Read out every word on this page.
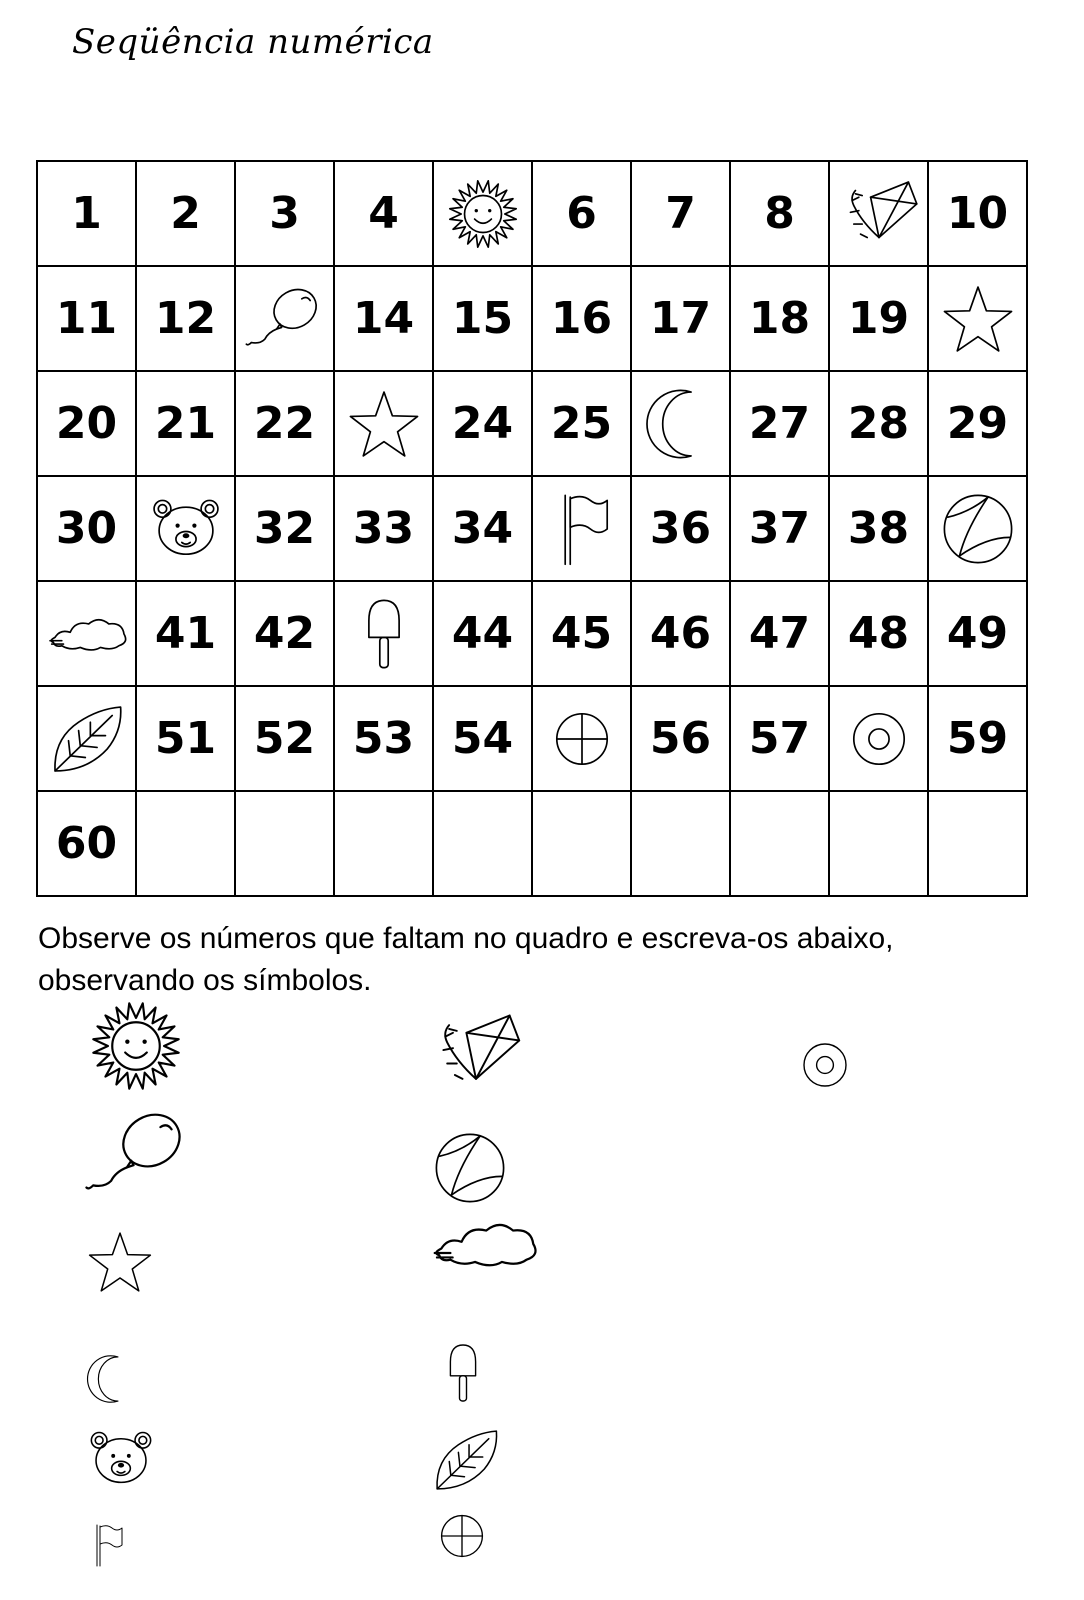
Seqüência numérica
1	2	3	4		6	7	8		10
11	12		14	15	16	17	18	19	

20	21	22		24	25		27	28	29
30		32	33	34		36	37	38	

	41	42		44	45	46	47	48	49

	51	52	53	54		56	57		59
60									
Observe os números que faltam no quadro e escreva-os abaixo, observando os símbolos.
